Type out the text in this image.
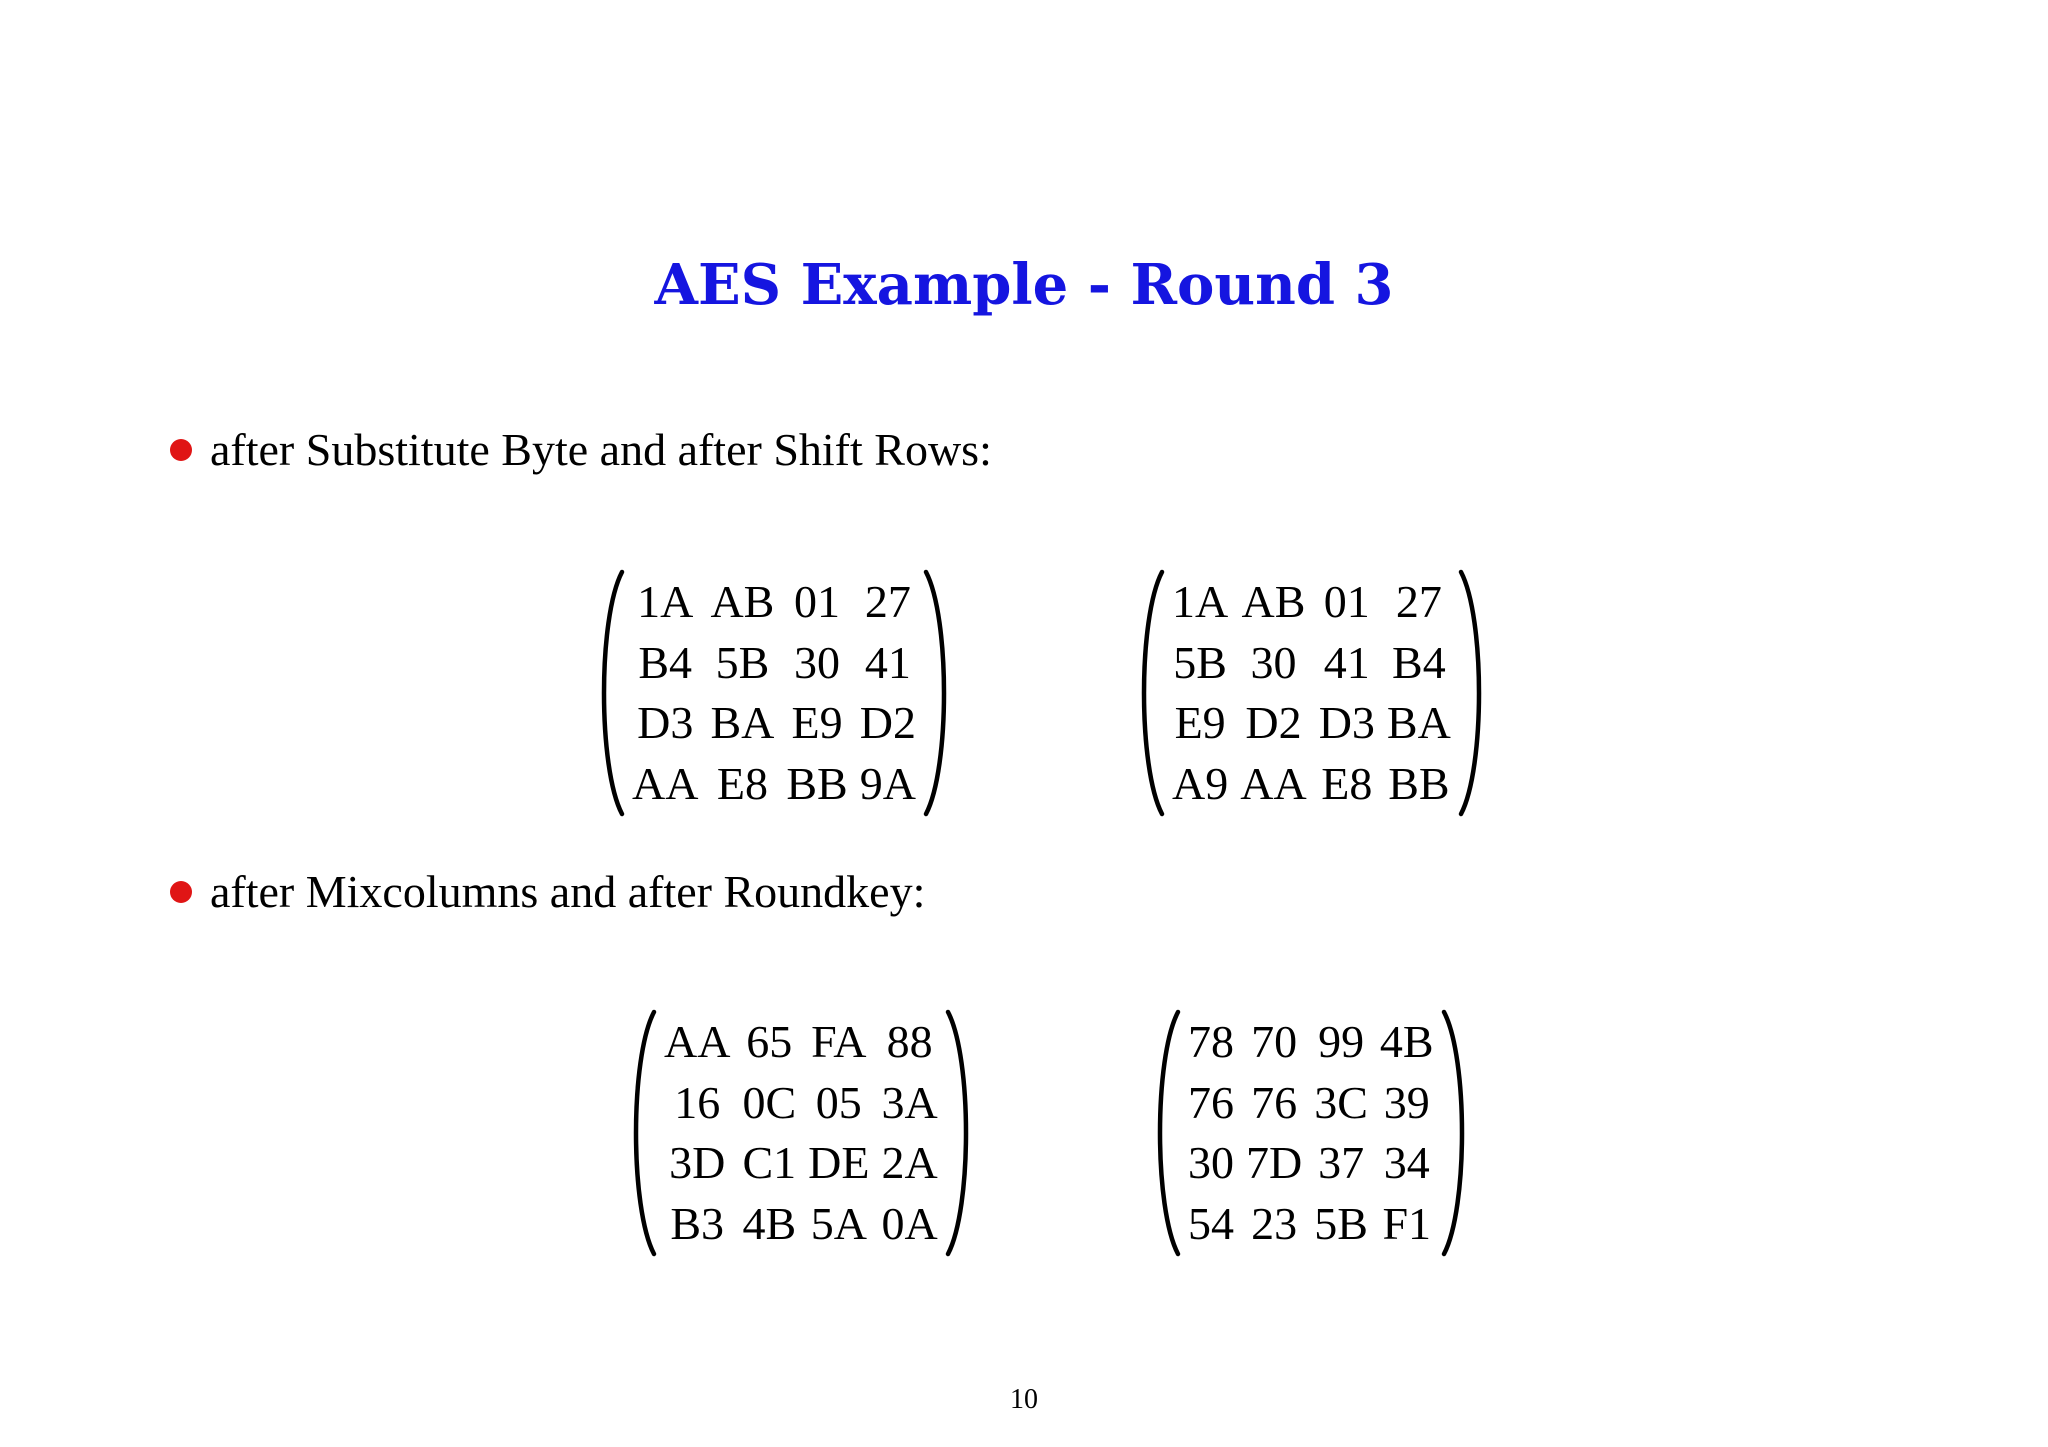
AES Example - Round 3
after Substitute Byte and after Shift Rows:
1A AB 01 27
B4 5B 30 41
D3 BA E9 D2
AA E8 BB 9A
1A AB 01 27
5B 30 41 B4
E9 D2 D3 BA
A9 AA E8 BB
after Mixcolumns and after Roundkey:
AA 65 FA 88
16 0C 05 3A
3D C1 DE 2A
B3 4B 5A 0A
78 70 99 4B
76 76 3C 39
30 7D 37 34
54 23 5B F1
10
